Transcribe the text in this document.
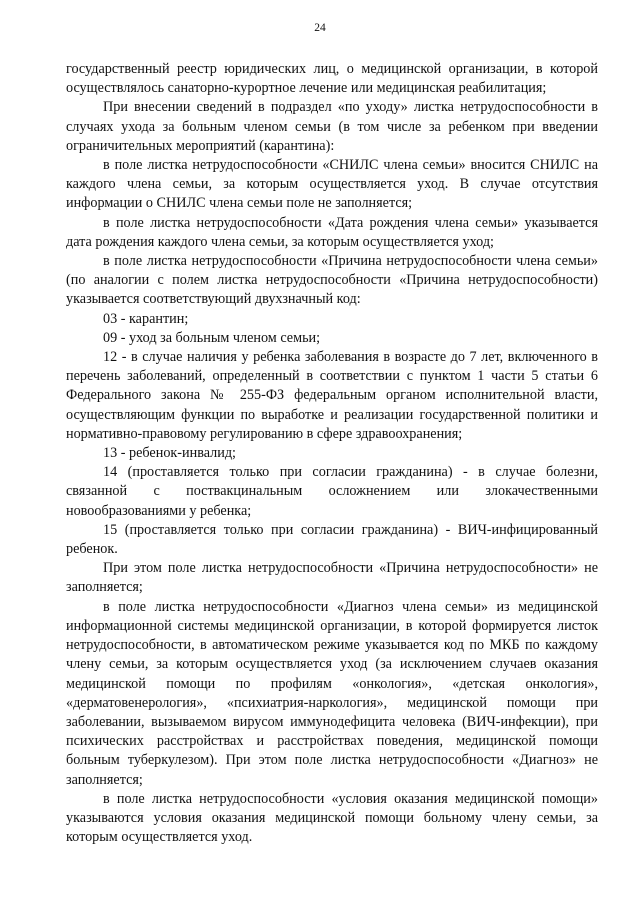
24

государственный реестр юридических лиц, о медицинской организации, в которой осуществлялось санаторно-курортное лечение или медицинская реабилитация;

При внесении сведений в подраздел «по уходу» листка нетрудоспособности в случаях ухода за больным членом семьи (в том числе за ребенком при введении ограничительных мероприятий (карантина):

в поле листка нетрудоспособности «СНИЛС члена семьи» вносится СНИЛС на каждого члена семьи, за которым осуществляется уход. В случае отсутствия информации о СНИЛС члена семьи поле не заполняется;

в поле листка нетрудоспособности «Дата рождения члена семьи» указывается дата рождения каждого члена семьи, за которым осуществляется уход;

в поле листка нетрудоспособности «Причина нетрудоспособности члена семьи» (по аналогии с полем листка нетрудоспособности «Причина нетрудоспособности) указывается соответствующий двухзначный код:

03 - карантин;

09 - уход за больным членом семьи;

12 - в случае наличия у ребенка заболевания в возрасте до 7 лет, включенного в перечень заболеваний, определенный в соответствии с пунктом 1 части 5 статьи 6 Федерального закона № 255-ФЗ федеральным органом исполнительной власти, осуществляющим функции по выработке и реализации государственной политики и нормативно-правовому регулированию в сфере здравоохранения;

13 - ребенок-инвалид;

14 (проставляется только при согласии гражданина) - в случае болезни, связанной с поствакцинальным осложнением или злокачественными новообразованиями у ребенка;

15 (проставляется только при согласии гражданина) - ВИЧ-инфицированный ребенок.

При этом поле листка нетрудоспособности «Причина нетрудоспособности» не заполняется;

в поле листка нетрудоспособности «Диагноз члена семьи» из медицинской информационной системы медицинской организации, в которой формируется листок нетрудоспособности, в автоматическом режиме указывается код по МКБ по каждому члену семьи, за которым осуществляется уход (за исключением случаев оказания медицинской помощи по профилям «онкология», «детская онкология», «дерматовенерология», «психиатрия-наркология», медицинской помощи при заболевании, вызываемом вирусом иммунодефицита человека (ВИЧ-инфекции), при психических расстройствах и расстройствах поведения, медицинской помощи больным туберкулезом). При этом поле листка нетрудоспособности «Диагноз» не заполняется;

в поле листка нетрудоспособности «условия оказания медицинской помощи» указываются условия оказания медицинской помощи больному члену семьи, за которым осуществляется уход.
